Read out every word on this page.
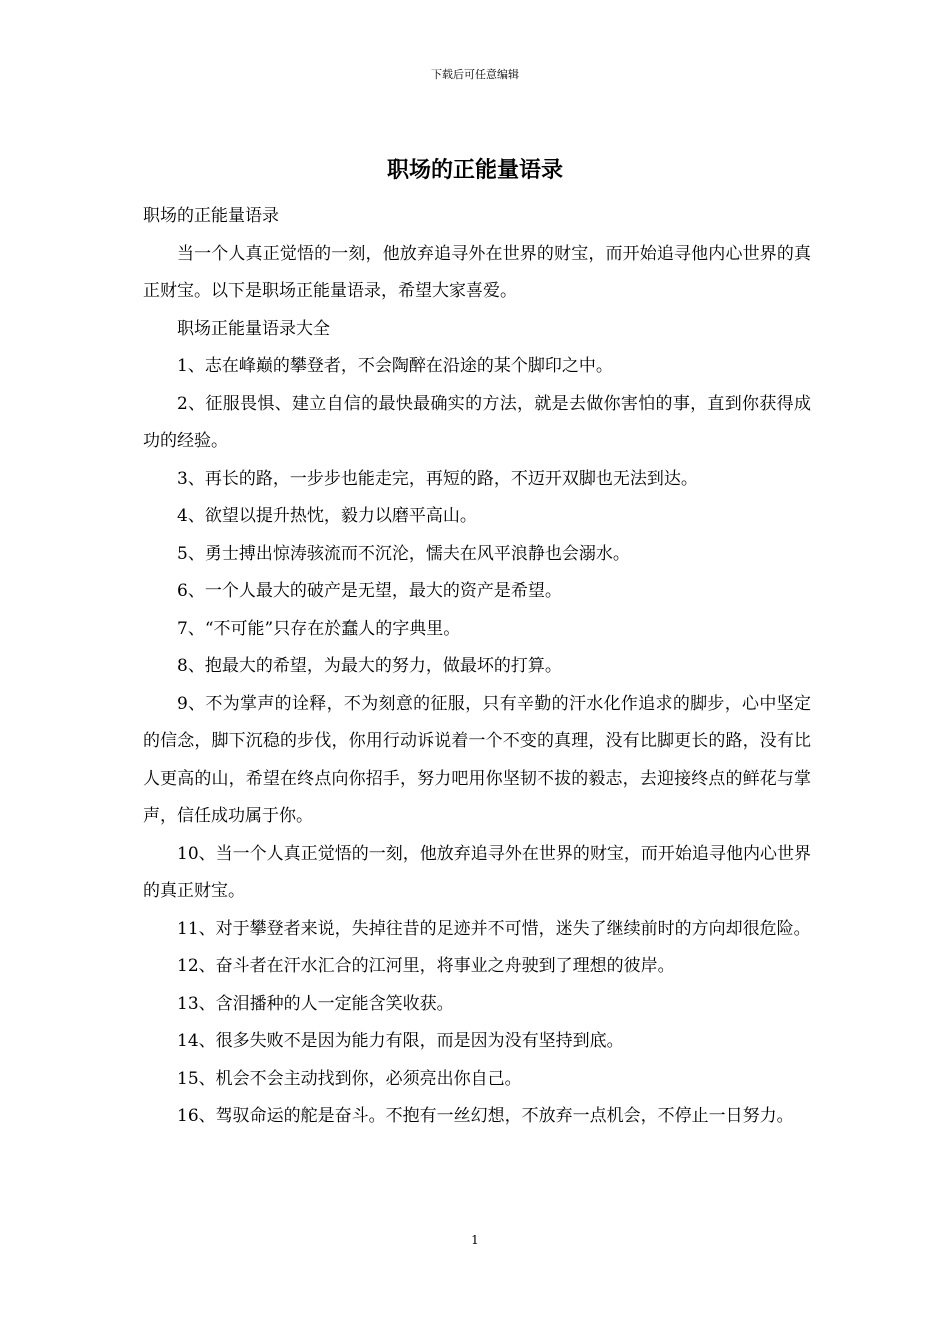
下载后可任意编辑
职场的正能量语录

职场的正能量语录

当一个人真正觉悟的一刻，他放弃追寻外在世界的财宝，而开始追寻他内心世界的真正财宝。以下是职场正能量语录，希望大家喜爱。

职场正能量语录大全

1、志在峰巅的攀登者，不会陶醉在沿途的某个脚印之中。

2、征服畏惧、建立自信的最快最确实的方法，就是去做你害怕的事，直到你获得成功的经验。

3、再长的路，一步步也能走完，再短的路，不迈开双脚也无法到达。

4、欲望以提升热忱，毅力以磨平高山。

5、勇士搏出惊涛骇流而不沉沦，懦夫在风平浪静也会溺水。

6、一个人最大的破产是无望，最大的资产是希望。

7、“不可能”只存在於蠢人的字典里。

8、抱最大的希望，为最大的努力，做最坏的打算。

9、不为掌声的诠释，不为刻意的征服，只有辛勤的汗水化作追求的脚步，心中坚定的信念，脚下沉稳的步伐，你用行动诉说着一个不变的真理，没有比脚更长的路，没有比人更高的山，希望在终点向你招手，努力吧用你坚韧不拔的毅志，去迎接终点的鲜花与掌声，信任成功属于你。

10、当一个人真正觉悟的一刻，他放弃追寻外在世界的财宝，而开始追寻他内心世界的真正财宝。

11、对于攀登者来说，失掉往昔的足迹并不可惜，迷失了继续前时的方向却很危险。

12、奋斗者在汗水汇合的江河里，将事业之舟驶到了理想的彼岸。

13、含泪播种的人一定能含笑收获。

14、很多失败不是因为能力有限，而是因为没有坚持到底。

15、机会不会主动找到你，必须亮出你自己。

16、驾驭命运的舵是奋斗。不抱有一丝幻想，不放弃一点机会，不停止一日努力。

1
